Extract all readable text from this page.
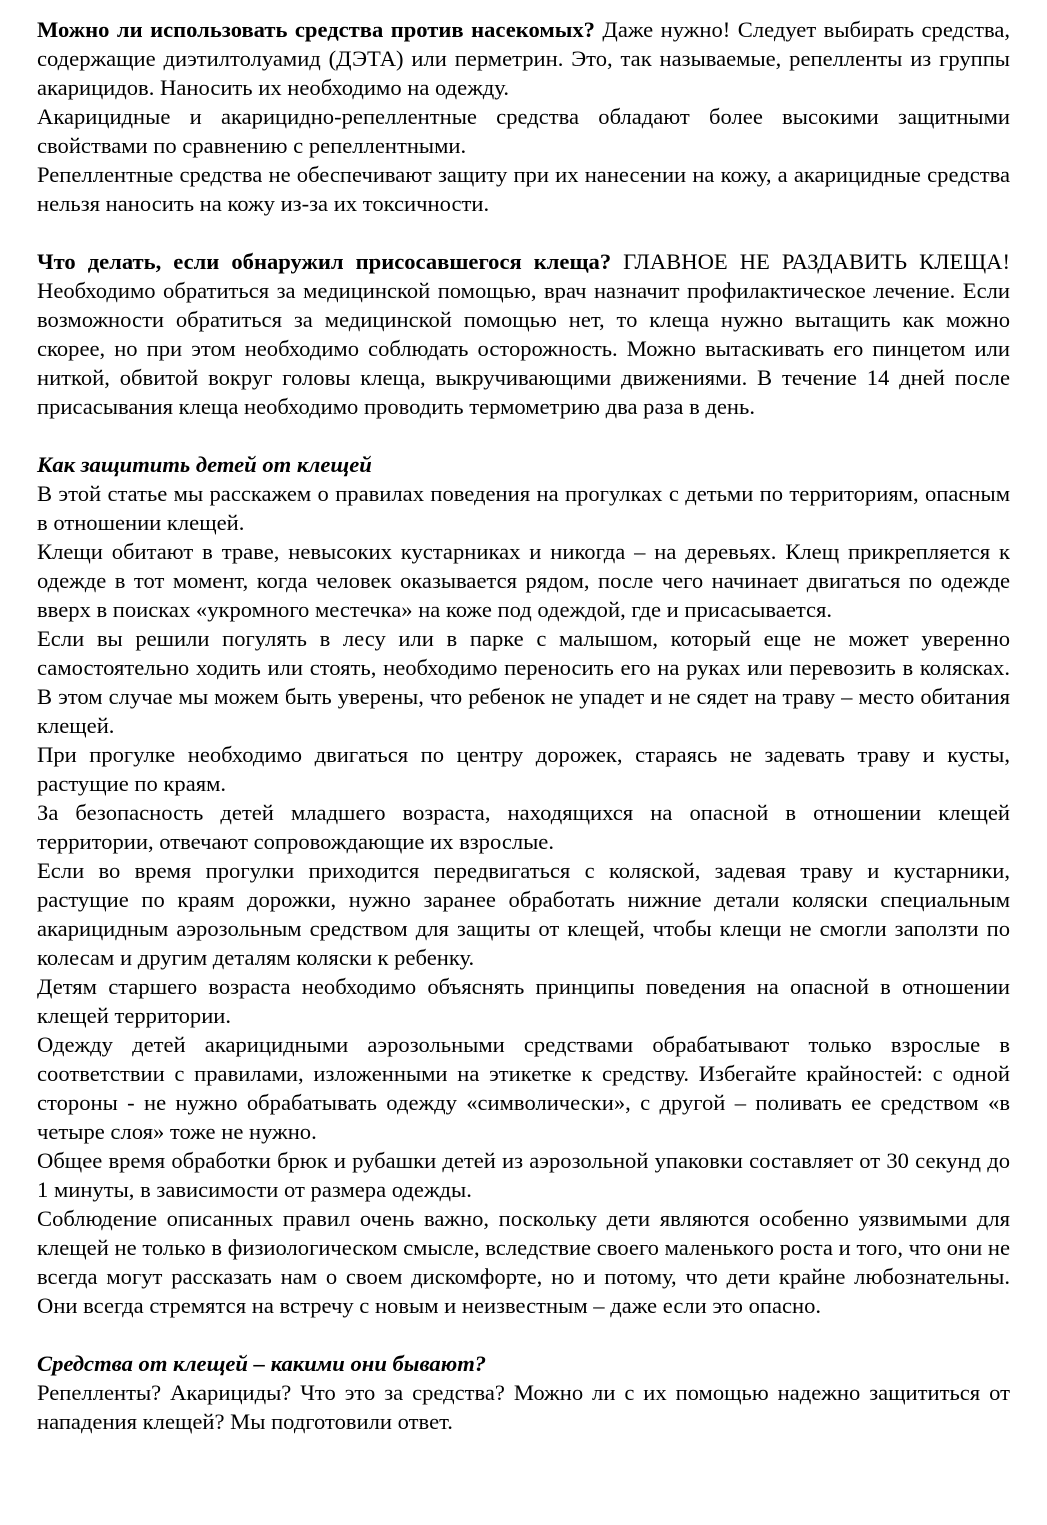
Можно ли использовать средства против насекомых? Даже нужно! Следует выбирать средства, содержащие диэтилтолуамид (ДЭТА) или перметрин. Это, так называемые, репелленты из группы акарицидов. Наносить их необходимо на одежду.

Акарицидные и акарицидно-репеллентные средства обладают более высокими защитными свойствами по сравнению с репеллентными.

Репеллентные средства не обеспечивают защиту при их нанесении на кожу, а акарицидные средства нельзя наносить на кожу из-за их токсичности.

Что делать, если обнаружил присосавшегося клеща? ГЛАВНОЕ НЕ РАЗДАВИТЬ КЛЕЩА! Необходимо обратиться за медицинской помощью, врач назначит профилактическое лечение. Если возможности обратиться за медицинской помощью нет, то клеща нужно вытащить как можно скорее, но при этом необходимо соблюдать осторожность. Можно вытаскивать его пинцетом или ниткой, обвитой вокруг головы клеща, выкручивающими движениями. В течение 14 дней после присасывания клеща необходимо проводить термометрию два раза в день.

Как защитить детей от клещей

В этой статье мы расскажем о правилах поведения на прогулках с детьми по территориям, опасным в отношении клещей.

Клещи обитают в траве, невысоких кустарниках и никогда – на деревьях. Клещ прикрепляется к одежде в тот момент, когда человек оказывается рядом, после чего начинает двигаться по одежде вверх в поисках «укромного местечка» на коже под одеждой, где и присасывается.

Если вы решили погулять в лесу или в парке с малышом, который еще не может уверенно самостоятельно ходить или стоять, необходимо переносить его на руках или перевозить в колясках. В этом случае мы можем быть уверены, что ребенок не упадет и не сядет на траву – место обитания клещей.

При прогулке необходимо двигаться по центру дорожек, стараясь не задевать траву и кусты, растущие по краям.

За безопасность детей младшего возраста, находящихся на опасной в отношении клещей территории, отвечают сопровождающие их взрослые.

Если во время прогулки приходится передвигаться с коляской, задевая траву и кустарники, растущие по краям дорожки, нужно заранее обработать нижние детали коляски специальным акарицидным аэрозольным средством для защиты от клещей, чтобы клещи не смогли заползти по колесам и другим деталям коляски к ребенку.

Детям старшего возраста необходимо объяснять принципы поведения на опасной в отношении клещей территории.

Одежду детей акарицидными аэрозольными средствами обрабатывают только взрослые в соответствии с правилами, изложенными на этикетке к средству. Избегайте крайностей: с одной стороны - не нужно обрабатывать одежду «символически», с другой – поливать ее средством «в четыре слоя» тоже не нужно.

Общее время обработки брюк и рубашки детей из аэрозольной упаковки составляет от 30 секунд до 1 минуты, в зависимости от размера одежды.

Соблюдение описанных правил очень важно, поскольку дети являются особенно уязвимыми для клещей не только в физиологическом смысле, вследствие своего маленького роста и того, что они не всегда могут рассказать нам о своем дискомфорте, но и потому, что дети крайне любознательны. Они всегда стремятся на встречу с новым и неизвестным – даже если это опасно.

Средства от клещей – какими они бывают?

Репелленты? Акарициды? Что это за средства? Можно ли с их помощью надежно защититься от нападения клещей? Мы подготовили ответ.
